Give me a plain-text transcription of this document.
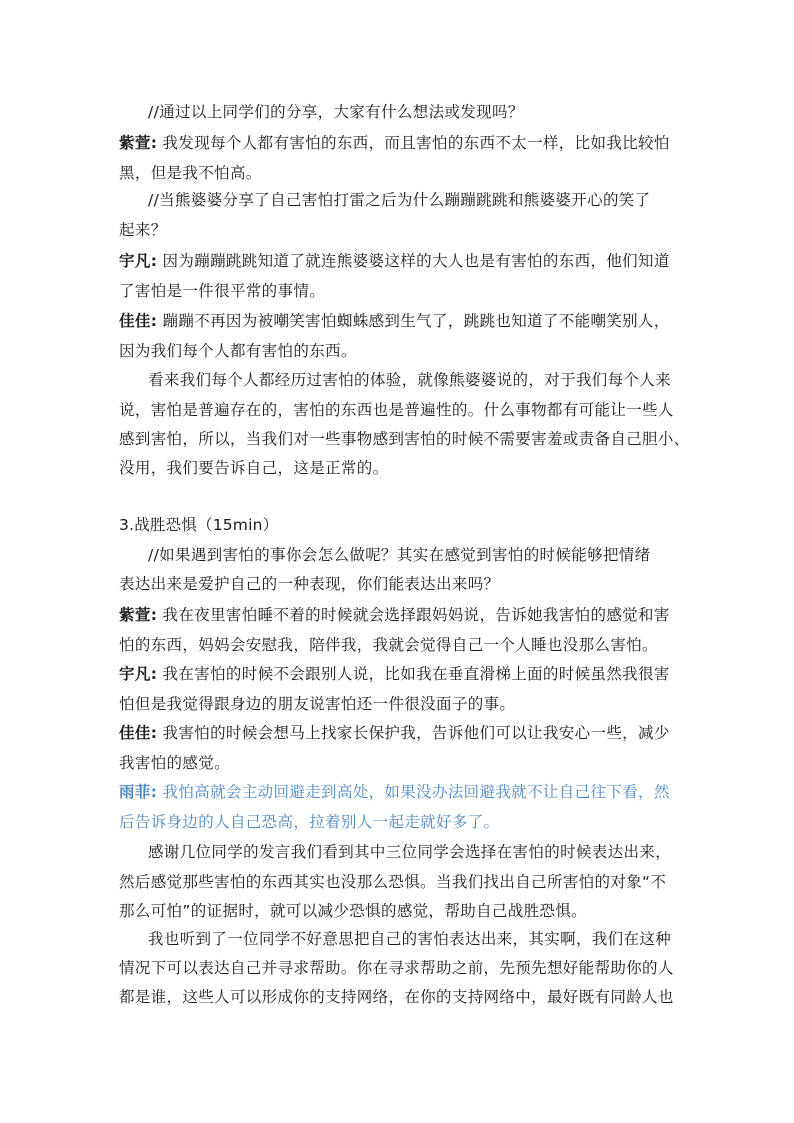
//通过以上同学们的分享，大家有什么想法或发现吗？
紫萱: 我发现每个人都有害怕的东西，而且害怕的东西不太一样，比如我比较怕
黑，但是我不怕高。
//当熊婆婆分享了自己害怕打雷之后为什么蹦蹦跳跳和熊婆婆开心的笑了
起来？
宇凡: 因为蹦蹦跳跳知道了就连熊婆婆这样的大人也是有害怕的东西，他们知道
了害怕是一件很平常的事情。
佳佳: 蹦蹦不再因为被嘲笑害怕蜘蛛感到生气了，跳跳也知道了不能嘲笑别人，
因为我们每个人都有害怕的东西。
看来我们每个人都经历过害怕的体验，就像熊婆婆说的，对于我们每个人来
说，害怕是普遍存在的，害怕的东西也是普遍性的。什么事物都有可能让一些人
感到害怕，所以，当我们对一些事物感到害怕的时候不需要害羞或责备自己胆小、
没用，我们要告诉自己，这是正常的。
3.战胜恐惧（15min）
//如果遇到害怕的事你会怎么做呢？其实在感觉到害怕的时候能够把情绪
表达出来是爱护自己的一种表现，你们能表达出来吗？
紫萱: 我在夜里害怕睡不着的时候就会选择跟妈妈说，告诉她我害怕的感觉和害
怕的东西，妈妈会安慰我，陪伴我，我就会觉得自己一个人睡也没那么害怕。
宇凡: 我在害怕的时候不会跟别人说，比如我在垂直滑梯上面的时候虽然我很害
怕但是我觉得跟身边的朋友说害怕还一件很没面子的事。
佳佳: 我害怕的时候会想马上找家长保护我，告诉他们可以让我安心一些，减少
我害怕的感觉。
雨菲: 我怕高就会主动回避走到高处，如果没办法回避我就不让自己往下看，然
后告诉身边的人自己恐高，拉着别人一起走就好多了。
感谢几位同学的发言我们看到其中三位同学会选择在害怕的时候表达出来，
然后感觉那些害怕的东西其实也没那么恐惧。当我们找出自己所害怕的对象“不
那么可怕”的证据时，就可以减少恐惧的感觉，帮助自己战胜恐惧。
我也听到了一位同学不好意思把自己的害怕表达出来，其实啊，我们在这种
情况下可以表达自己并寻求帮助。你在寻求帮助之前，先预先想好能帮助你的人
都是谁，这些人可以形成你的支持网络，在你的支持网络中，最好既有同龄人也
